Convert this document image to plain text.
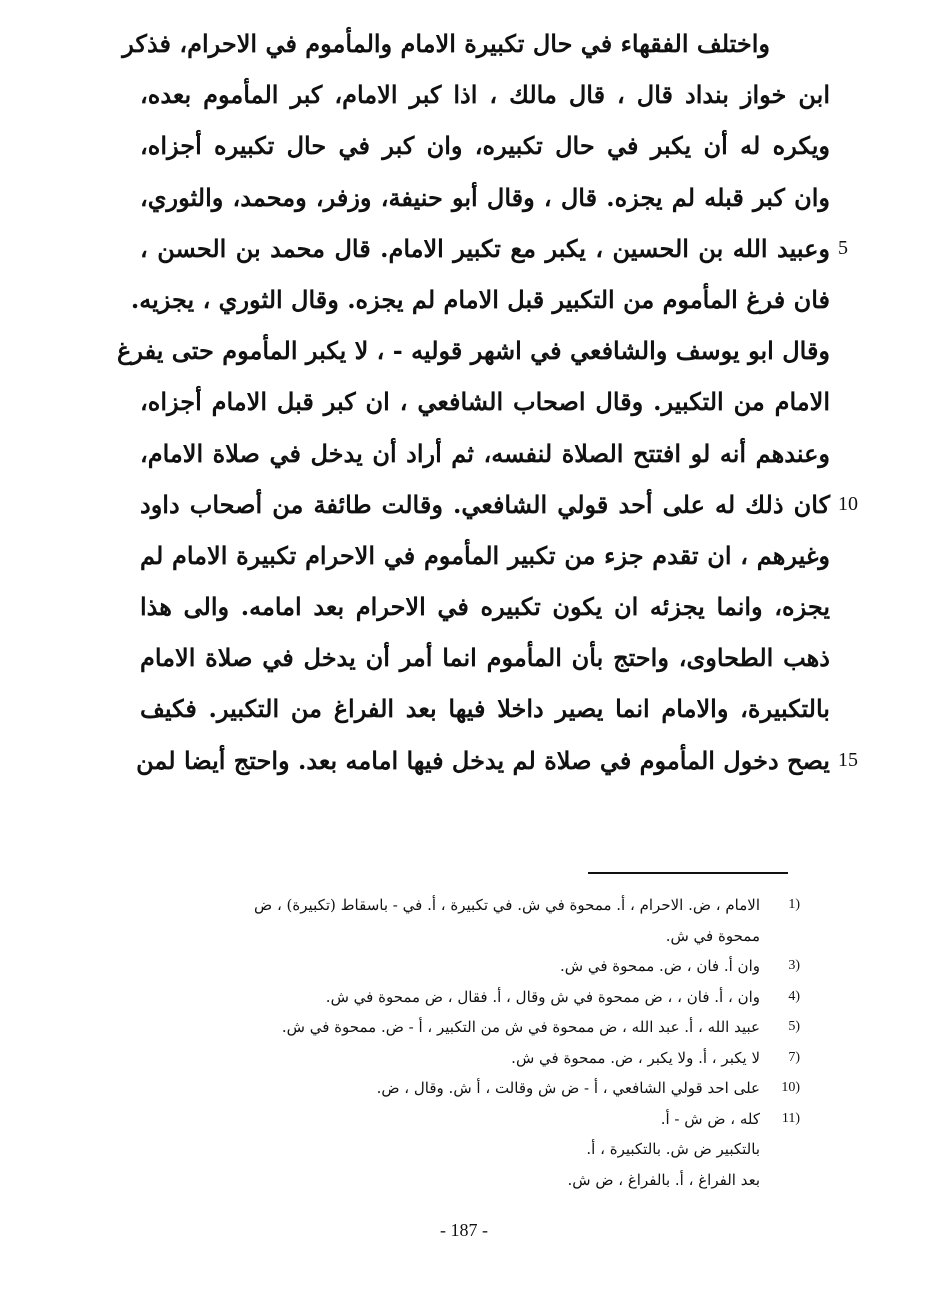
واختلف الفقهاء في حال تكبيرة الامام والمأموم في الاحرام، فذكر
ابن خواز بنداد قال ، قال مالك ، اذا كبر الامام، كبر المأموم بعده،
ويكره له أن يكبر في حال تكبيره، وان كبر في حال تكبيره أجزاه،
وان كبر قبله لم يجزه. قال ، وقال أبو حنيفة، وزفر، ومحمد، والثوري،
وعبيد الله بن الحسين ، يكبر مع تكبير الامام. قال محمد بن الحسن ، 5
فان فرغ المأموم من التكبير قبل الامام لم يجزه. وقال الثوري ، يجزيه.
وقال ابو يوسف والشافعي في اشهر قوليه - ، لا يكبر المأموم حتى يفرغ
الامام من التكبير. وقال اصحاب الشافعي ، ان كبر قبل الامام أجزاه،
وعندهم أنه لو افتتح الصلاة لنفسه، ثم أراد أن يدخل في صلاة الامام،
كان ذلك له على أحد قولي الشافعي. وقالت طائفة من أصحاب داود 10
وغيرهم ، ان تقدم جزء من تكبير المأموم في الاحرام تكبيرة الامام لم
يجزه، وانما يجزئه ان يكون تكبيره في الاحرام بعد امامه. والى هذا
ذهب الطحاوى، واحتج بأن المأموم انما أمر أن يدخل في صلاة الامام
بالتكبيرة، والامام انما يصير داخلا فيها بعد الفراغ من التكبير. فكيف
يصح دخول المأموم في صلاة لم يدخل فيها امامه بعد. واحتج أيضا لمن 15
1)
الامام ، ض. الاحرام ، أ. ممحوة في ش. في تكبيرة ، أ. في - باسقاط (تكبيرة) ، ض
ممحوة في ش.
3)
وان أ. فان ، ض. ممحوة في ش.
4)
وان ، أ. فان ، ، ض ممحوة في ش وقال ، أ. فقال ، ض ممحوة في ش.
5)
عبيد الله ، أ. عبد الله ، ض ممحوة في ش من التكبير ، أ - ض. ممحوة في ش.
7)
لا يكبر ، أ. ولا يكبر ، ض. ممحوة في ش.
10)
على احد قولي الشافعي ، أ - ض ش وقالت ، أ ش. وقال ، ض.
11)
كله ، ض ش - أ.
بالتكبير ض ش. بالتكبيرة ، أ.
بعد الفراغ ، أ. بالفراغ ، ض ش.
- 187 -
